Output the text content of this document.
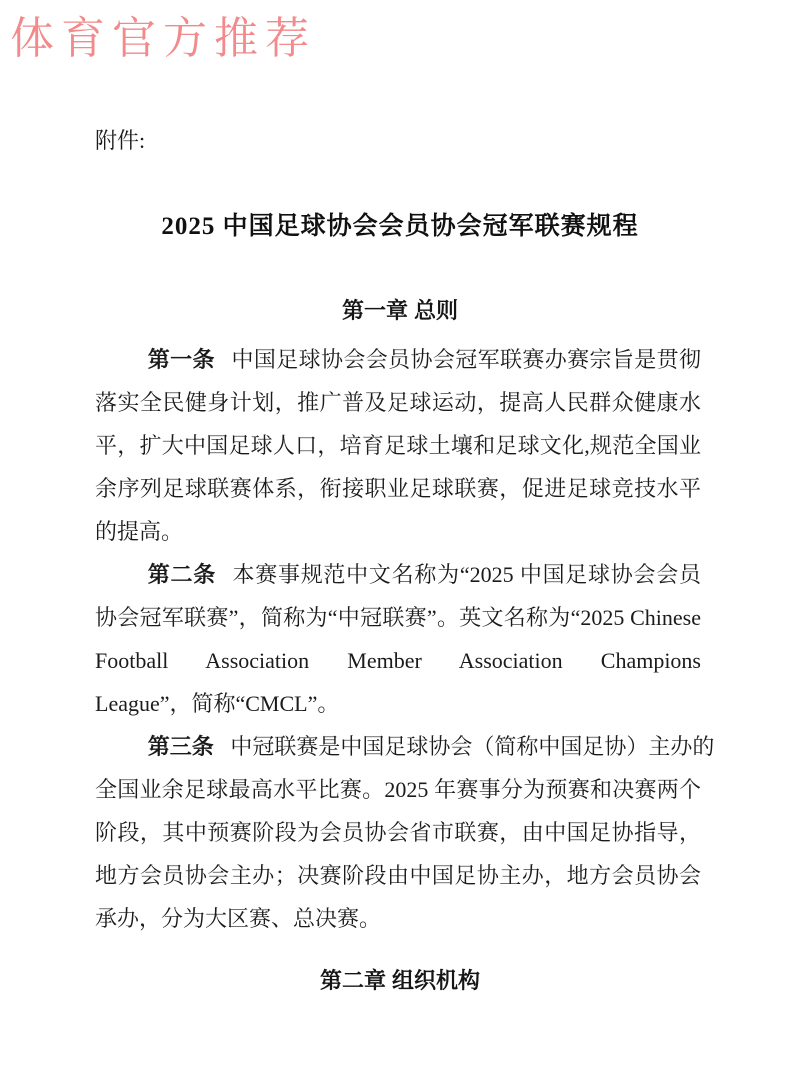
体育官方推荐
附件:
2025 中国足球协会会员协会冠军联赛规程
第一章 总则
第一条 中国足球协会会员协会冠军联赛办赛宗旨是贯彻
落实全民健身计划，推广普及足球运动，提高人民群众健康水
平，扩大中国足球人口，培育足球土壤和足球文化,规范全国业
余序列足球联赛体系，衔接职业足球联赛，促进足球竞技水平
的提高。
第二条 本赛事规范中文名称为“2025 中国足球协会会员
协会冠军联赛”，简称为“中冠联赛”。英文名称为“2025 Chinese
Football Association Member Association Champions
League”，简称“CMCL”。
第三条 中冠联赛是中国足球协会（简称中国足协）主办的
全国业余足球最高水平比赛。2025 年赛事分为预赛和决赛两个
阶段，其中预赛阶段为会员协会省市联赛，由中国足协指导，
地方会员协会主办；决赛阶段由中国足协主办，地方会员协会
承办，分为大区赛、总决赛。
第二章 组织机构
